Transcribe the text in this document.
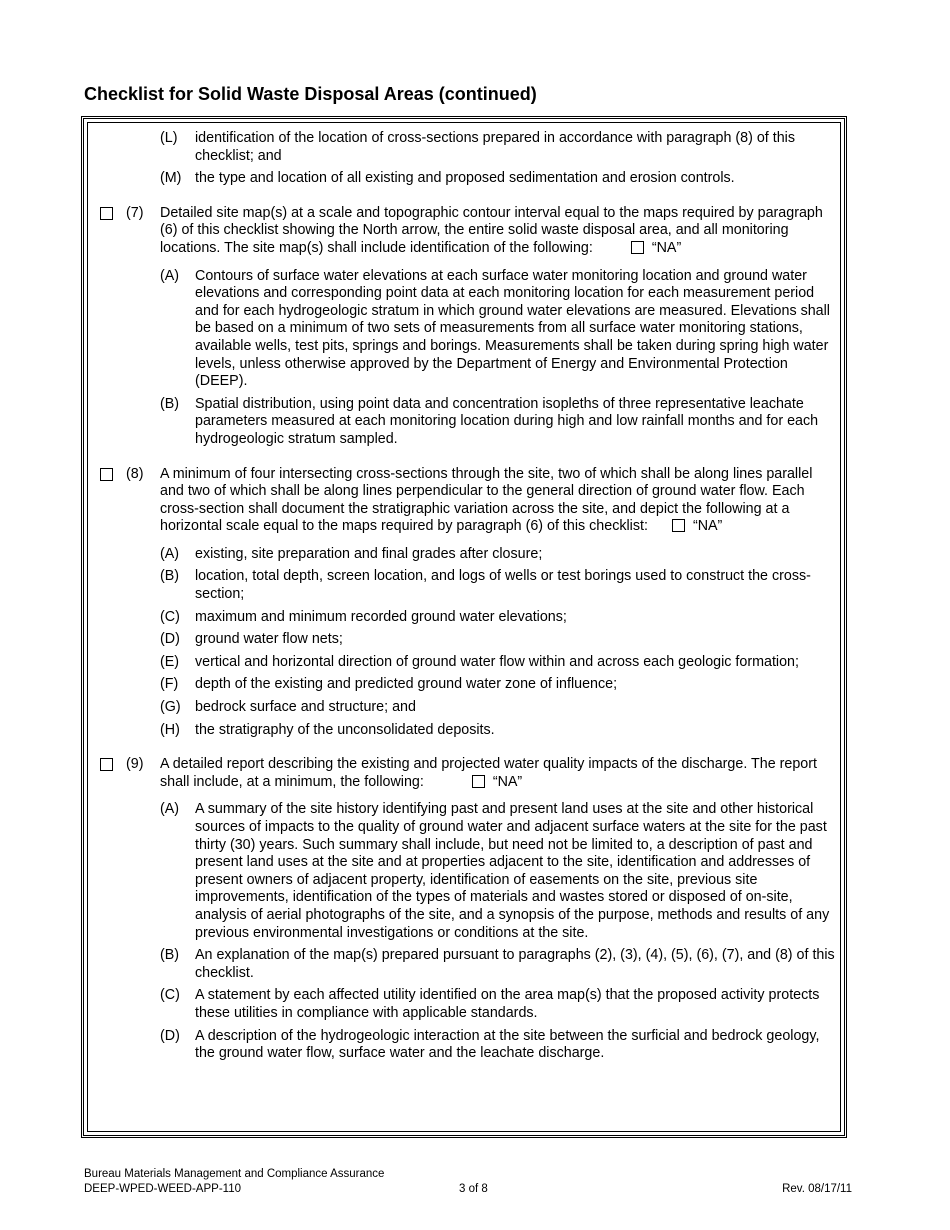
Checklist for Solid Waste Disposal Areas (continued)
(L) identification of the location of cross-sections prepared in accordance with paragraph (8) of this checklist; and
(M) the type and location of all existing and proposed sedimentation and erosion controls.
(7) Detailed site map(s) at a scale and topographic contour interval equal to the maps required by paragraph (6) of this checklist showing the North arrow, the entire solid waste disposal area, and all monitoring locations. The site map(s) shall include identification of the following:	“NA”
(A) Contours of surface water elevations at each surface water monitoring location and ground water elevations and corresponding point data at each monitoring location for each measurement period and for each hydrogeologic stratum in which ground water elevations are measured. Elevations shall be based on a minimum of two sets of measurements from all surface water monitoring stations, available wells, test pits, springs and borings. Measurements shall be taken during spring high water levels, unless otherwise approved by the Department of Energy and Environmental Protection (DEEP).
(B) Spatial distribution, using point data and concentration isopleths of three representative leachate parameters measured at each monitoring location during high and low rainfall months and for each hydrogeologic stratum sampled.
(8) A minimum of four intersecting cross-sections through the site, two of which shall be along lines parallel and two of which shall be along lines perpendicular to the general direction of ground water flow. Each cross-section shall document the stratigraphic variation across the site, and depict the following at a horizontal scale equal to the maps required by paragraph (6) of this checklist:	“NA”
(A) existing, site preparation and final grades after closure;
(B) location, total depth, screen location, and logs of wells or test borings used to construct the cross-section;
(C) maximum and minimum recorded ground water elevations;
(D) ground water flow nets;
(E) vertical and horizontal direction of ground water flow within and across each geologic formation;
(F) depth of the existing and predicted ground water zone of influence;
(G) bedrock surface and structure; and
(H) the stratigraphy of the unconsolidated deposits.
(9) A detailed report describing the existing and projected water quality impacts of the discharge. The report shall include, at a minimum, the following:	“NA”
(A) A summary of the site history identifying past and present land uses at the site and other historical sources of impacts to the quality of ground water and adjacent surface waters at the site for the past thirty (30) years. Such summary shall include, but need not be limited to, a description of past and present land uses at the site and at properties adjacent to the site, identification and addresses of present owners of adjacent property, identification of easements on the site, previous site improvements, identification of the types of materials and wastes stored or disposed of on-site, analysis of aerial photographs of the site, and a synopsis of the purpose, methods and results of any previous environmental investigations or conditions at the site.
(B) An explanation of the map(s) prepared pursuant to paragraphs (2), (3), (4), (5), (6), (7), and (8) of this checklist.
(C) A statement by each affected utility identified on the area map(s) that the proposed activity protects these utilities in compliance with applicable standards.
(D) A description of the hydrogeologic interaction at the site between the surficial and bedrock geology, the ground water flow, surface water and the leachate discharge.
Bureau Materials Management and Compliance Assurance
DEEP-WPED-WEED-APP-110	3 of 8	Rev. 08/17/11
